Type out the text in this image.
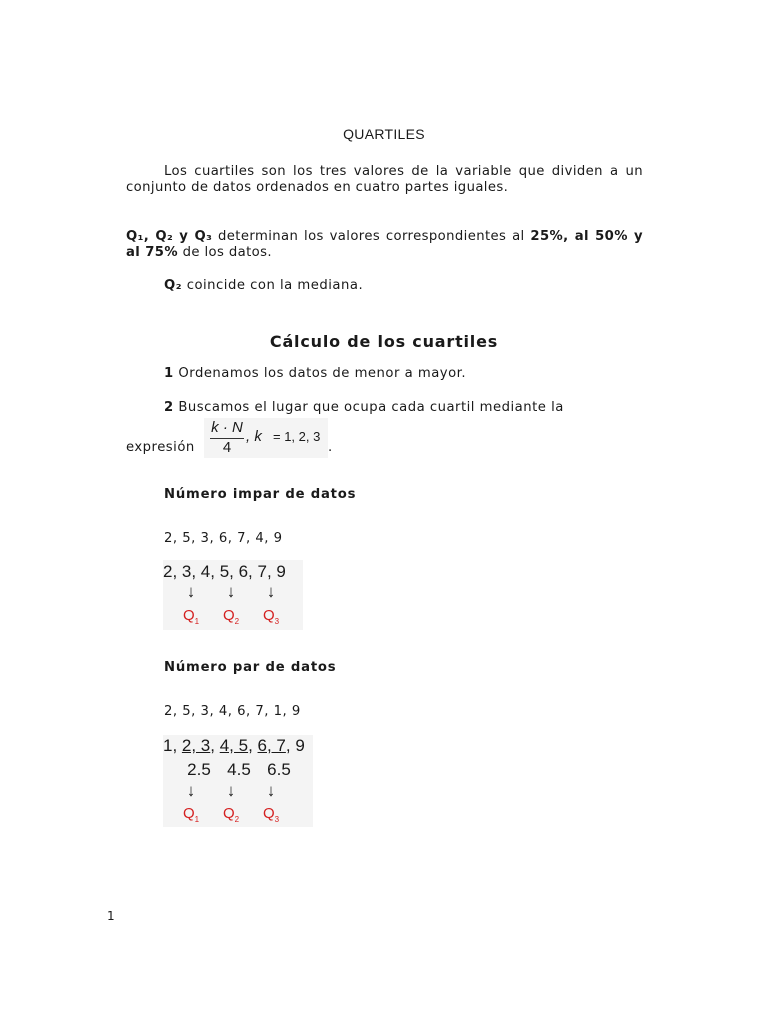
QUARTILES
Los cuartiles son los tres valores de la variable que dividen a un conjunto de datos ordenados en cuatro partes iguales.
Q₁, Q₂ y Q₃ determinan los valores correspondientes al 25%, al 50% y al 75% de los datos.
Q₂ coincide con la mediana.
Cálculo de los cuartiles
1 Ordenamos los datos de menor a mayor.
2 Buscamos el lugar que ocupa cada cuartil mediante la
expresión
k · N
4
, k = 1, 2, 3
.
Número impar de datos
2, 5, 3, 6, 7, 4, 9
2, 3, 4, 5, 6, 7, 9
↓	↓	↓
$Q_1$ $Q_2$ $Q_3$
Número par de datos
2, 5, 3, 4, 6, 7, 1, 9
1, 2, 3, 4, 5, 6, 7, 9
2.5 4.5 6.5
↓	↓	↓
$Q_1$ $Q_2$ $Q_3$
1
